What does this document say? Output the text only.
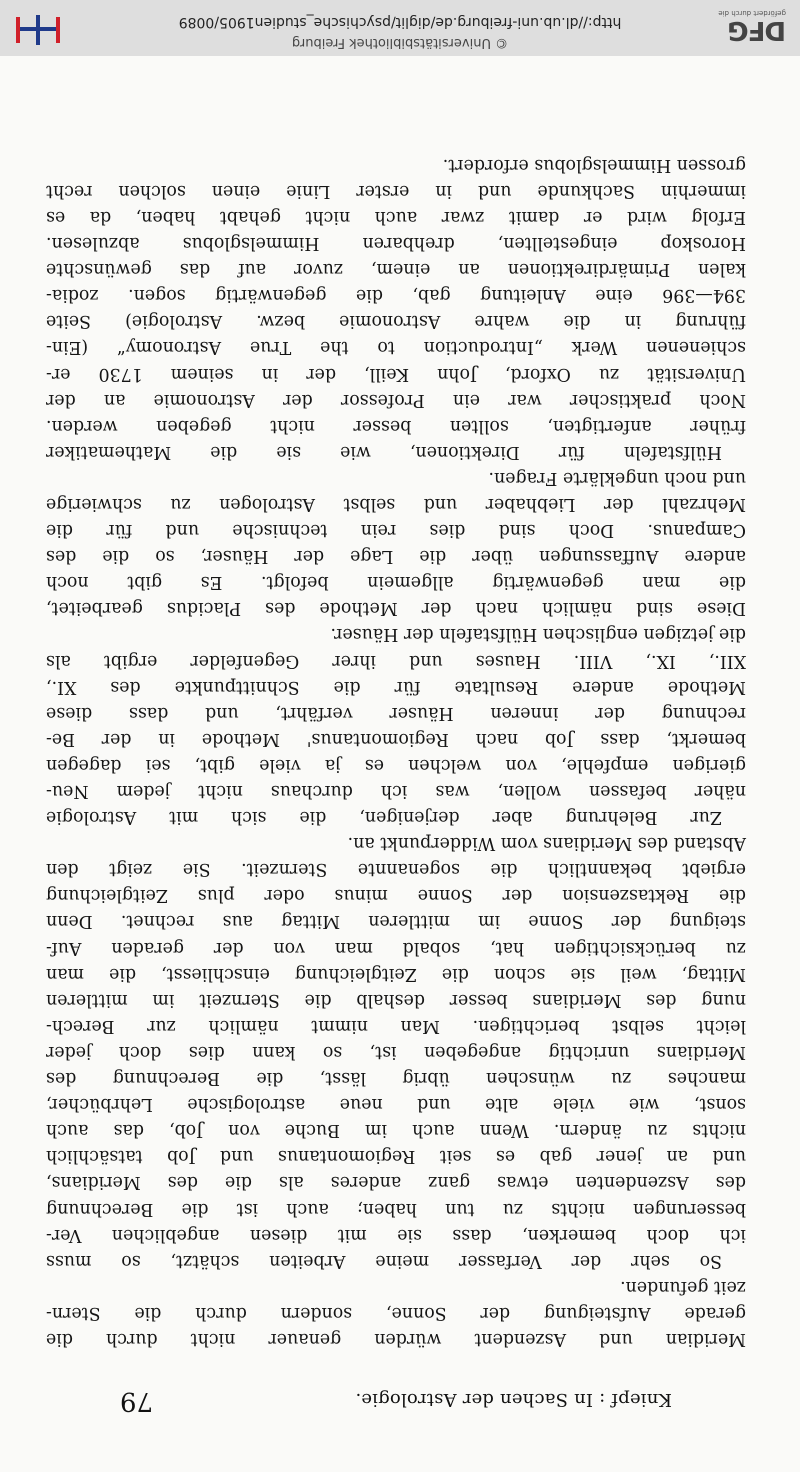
Kniepf : In Sachen der Astrologie.
79
Meridian und Aszendent würden genauer nicht durch die
gerade Aufsteigung der Sonne, sondern durch die Stern-
zeit gefunden.
So sehr der Verfasser meine Arbeiten schätzt, so muss
ich doch bemerken, dass sie mit diesen angeblichen Ver-
besserungen nichts zu tun haben; auch ist die Berechnung
des Aszendenten etwas ganz anderes als die des Meridians,
und an jener gab es seit Regiomontanus und Job tatsächlich
nichts zu ändern. Wenn auch im Buche von Job, das auch
sonst, wie viele alte und neue astrologische Lehrbücher,
manches zu wünschen übrig lässt, die Berechnung des
Meridians unrichtig angegeben ist, so kann dies doch jeder
leicht selbst berichtigen. Man nimmt nämlich zur Berech-
nung des Meridians besser deshalb die Sternzeit im mittleren
Mittag, weil sie schon die Zeitgleichung einschliesst, die man
zu berücksichtigen hat, sobald man von der geraden Auf-
steigung der Sonne im mittleren Mittag aus rechnet. Denn
die Rektaszension der Sonne minus oder plus Zeitgleichung
ergiebt bekanntlich die sogenannte Sternzeit. Sie zeigt den
Abstand des Meridians vom Widderpunkt an.
Zur Belehrung aber derjenigen, die sich mit Astrologie
näher befassen wollen, was ich durchaus nicht jedem Neu-
gierigen empfehle, von welchen es ja viele gibt, sei dagegen
bemerkt, dass Job nach Regiomontanus' Methode in der Be-
rechnung der inneren Häuser verfährt, und dass diese
Methode andere Resultate für die Schnittpunkte des XI.,
XII., IX., VIII. Hauses und ihrer Gegenfelder ergibt als
die jetzigen englischen Hülfstafeln der Häuser.
Diese sind nämlich nach der Methode des Placidus gearbeitet,
die man gegenwärtig allgemein befolgt. Es gibt noch
andere Auffassungen über die Lage der Häuser, so die des
Campanus. Doch sind dies rein technische und für die
Mehrzahl der Liebhaber und selbst Astrologen zu schwierige
und noch ungeklärte Fragen.
Hülfstafeln für Direktionen, wie sie die Mathematiker
früher anfertigten, sollten besser nicht gegeben werden.
Noch praktischer war ein Professor der Astronomie an der
Universität zu Oxford, John Keill, der in seinem 1730 er-
schienenen Werk „Introduction to the True Astronomy“ (Ein-
führung in die wahre Astronomie bezw. Astrologie) Seite
394—396 eine Anleitung gab, die gegenwärtig sogen. zodia-
kalen Primärdirektionen an einem, zuvor auf das gewünschte
Horoskop eingestellten, drehbaren Himmelsglobus abzulesen.
Erfolg wird er damit zwar auch nicht gehabt haben, da es
immerhin Sachkunde und in erster Linie einen solchen recht
grossen Himmelsglobus erfordert.
DFG
gefördert durch die
© Universitätsbibliothek Freiburg
http://dl.ub.uni-freiburg.de/diglit/psychische_studien1905/0089
